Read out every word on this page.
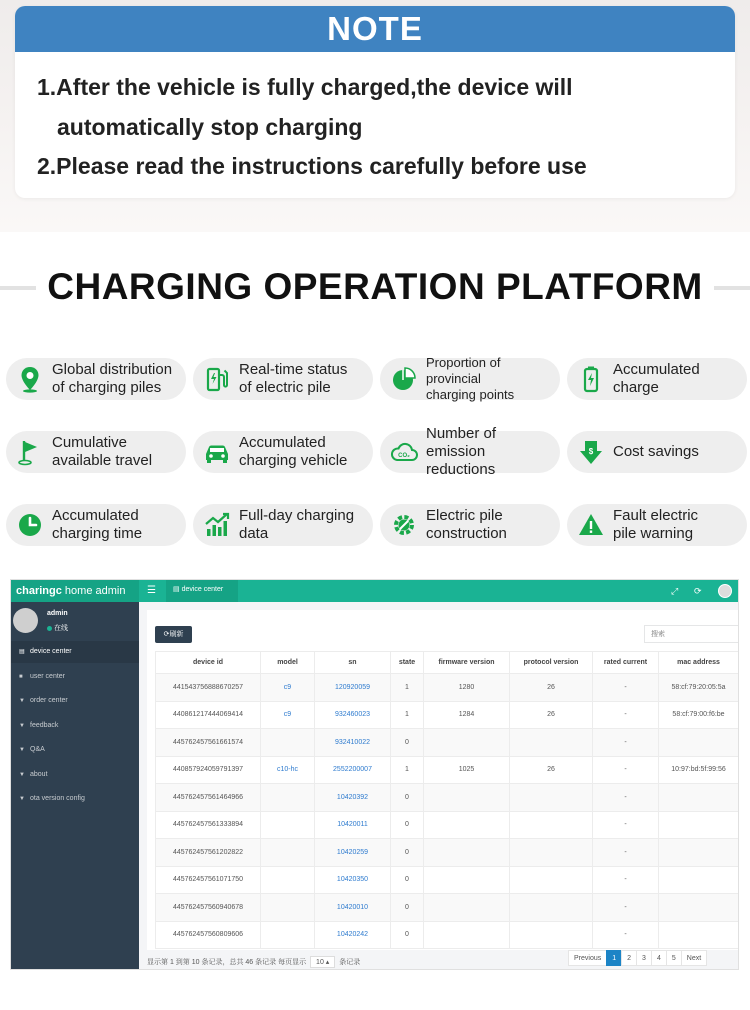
NOTE
1.After the vehicle is fully charged,the device will
automatically stop charging
2.Please read the instructions carefully before use
CHARGING OPERATION PLATFORM
Global distribution
of charging piles
Real-time status
of electric pile
Proportion of provincial
charging points
Accumulated
charge
Cumulative
available travel
Accumulated
charging vehicle	CO₂
Number of emission
reductions
$ Cost savings
Accumulated
charging time
Full-day charging
data
Electric pile
construction
Fault electric
pile warning
charingc home admin	☰	▤ device center	⤢ ⟳
admin
在线
▤ device center
■ user center
▼ order center
▼ feedback
▼ Q&A
▼ about
▼ ota version config
⟳刷新
搜索
device id	model	sn	state	firmware version	protocol version	rated current	mac address
441543756888670257	c9	120920059	1	1280	26	-	58:cf:79:20:05:5a
440861217444069414	c9	932460023	1	1284	26	-	58:cf:79:00:f6:be
445762457561661574		932410022	0			-	
440857924059791397	c10-hc	2552200007	1	1025	26	-	10:97:bd:5f:99:56
445762457561464966		10420392	0			-	
445762457561333894		10420011	0			-	
445762457561202822		10420259	0			-	
445762457561071750		10420350	0			-	
445762457560940678		10420010	0			-	
445762457560809606		10420242	0			-	
显示第 1 到第 10 条记录，总共 46 条记录 每页显示 10 ▴ 条记录
Previous	1	2	3	4	5	Next
